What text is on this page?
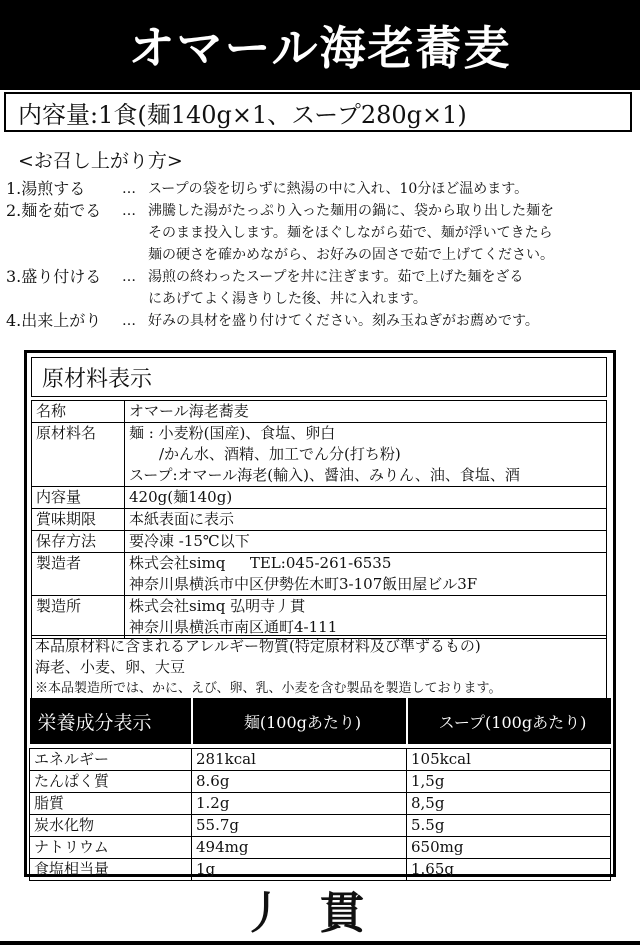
オマール海老蕎麦
内容量:1食(麺140g×1、スープ280g×1)
<お召し上がり方>
1.湯煎する	… スープの袋を切らずに熱湯の中に入れ、10分ほど温めます。
2.麺を茹でる	… 沸騰した湯がたっぷり入った麺用の鍋に、袋から取り出した麺を
そのまま投入します。麺をほぐしながら茹で、麺が浮いてきたら
麺の硬さを確かめながら、お好みの固さで茹で上げてください。
3.盛り付ける	… 湯煎の終わったスープを丼に注ぎます。茹で上げた麺をざる
にあげてよく湯きりした後、丼に入れます。
4.出来上がり	… 好みの具材を盛り付けてください。刻み玉ねぎがお薦めです。
原材料表示
名称	オマール海老蕎麦

原材料名	麺 : 小麦粉(国産)、食塩、卵白
　　/かん水、酒精、加工でん分(打ち粉)
スープ:オマール海老(輸入)、醤油、みりん、油、食塩、酒

内容量	420g(麺140g)

賞味期限	本紙表面に表示

保存方法	要冷凍 -15℃以下

製造者	株式会社simq 　 TEL:045-261-6535
神奈川県横浜市中区伊勢佐木町3-107飯田屋ビル3F

製造所	株式会社simq 弘明寺丿貫
神奈川県横浜市南区通町4-111
本品原材料に含まれるアレルギー物質(特定原材料及び準ずるもの)
海老、小麦、卵、大豆
※本品製造所では、かに、えび、卵、乳、小麦を含む製品を製造しております。
栄養成分表示	麺(100gあたり)	スープ(100gあたり)

エネルギー	281kcal	105kcal
たんぱく質	8.6g	1,5g
脂質	1.2g	8,5g
炭水化物	55.7g	5.5g
ナトリウム	494mg	650mg
食塩相当量	1g	1.65g
丿貫
